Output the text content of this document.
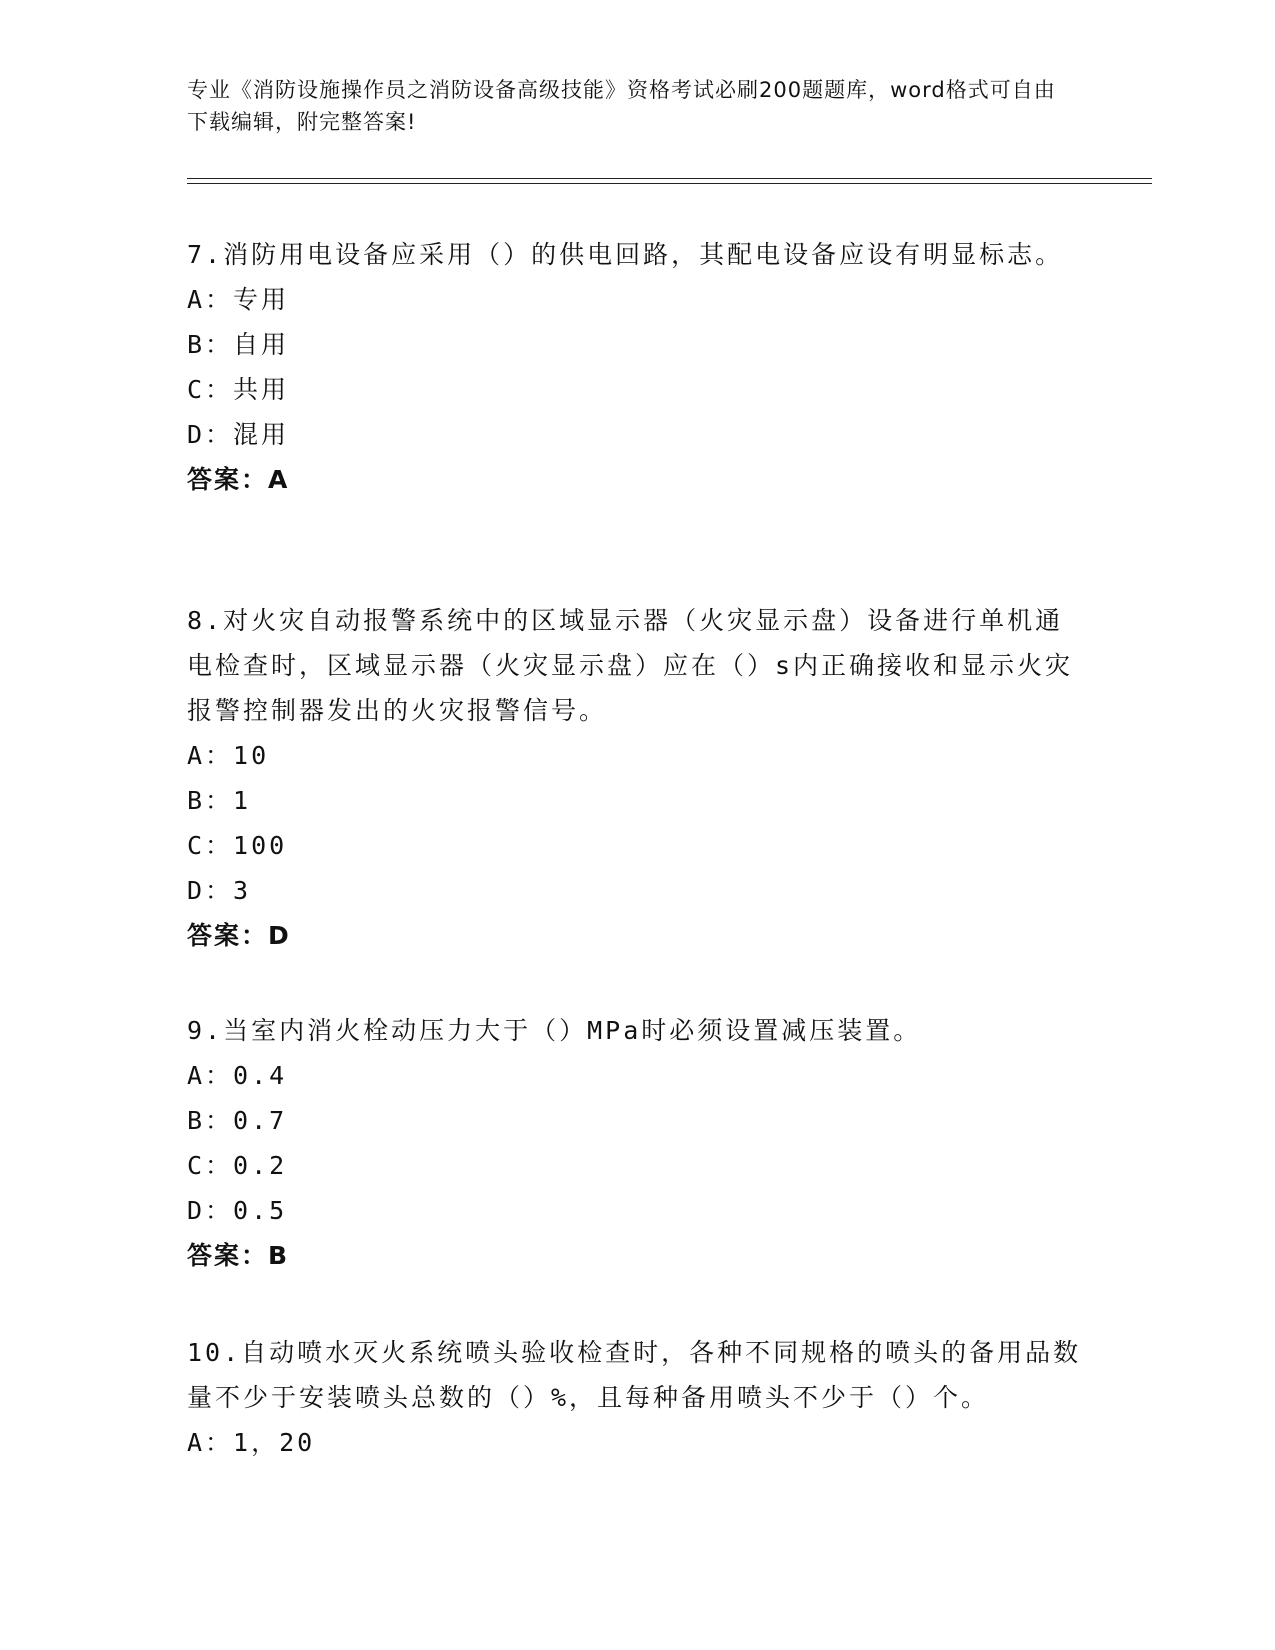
专业《消防设施操作员之消防设备高级技能》资格考试必刷200题题库，word格式可自由下载编辑，附完整答案!

7.消防用电设备应采用（）的供电回路，其配电设备应设有明显标志。

A：专用

B：自用

C：共用

D：混用

答案：A

8.对火灾自动报警系统中的区域显示器（火灾显示盘）设备进行单机通电检查时，区域显示器（火灾显示盘）应在（）s内正确接收和显示火灾报警控制器发出的火灾报警信号。

A：10

B：1

C：100

D：3

答案：D

9.当室内消火栓动压力大于（）MPa时必须设置减压装置。

A：0.4

B：0.7

C：0.2

D：0.5

答案：B

10.自动喷水灭火系统喷头验收检查时，各种不同规格的喷头的备用品数量不少于安装喷头总数的（）%，且每种备用喷头不少于（）个。

A：1，20
